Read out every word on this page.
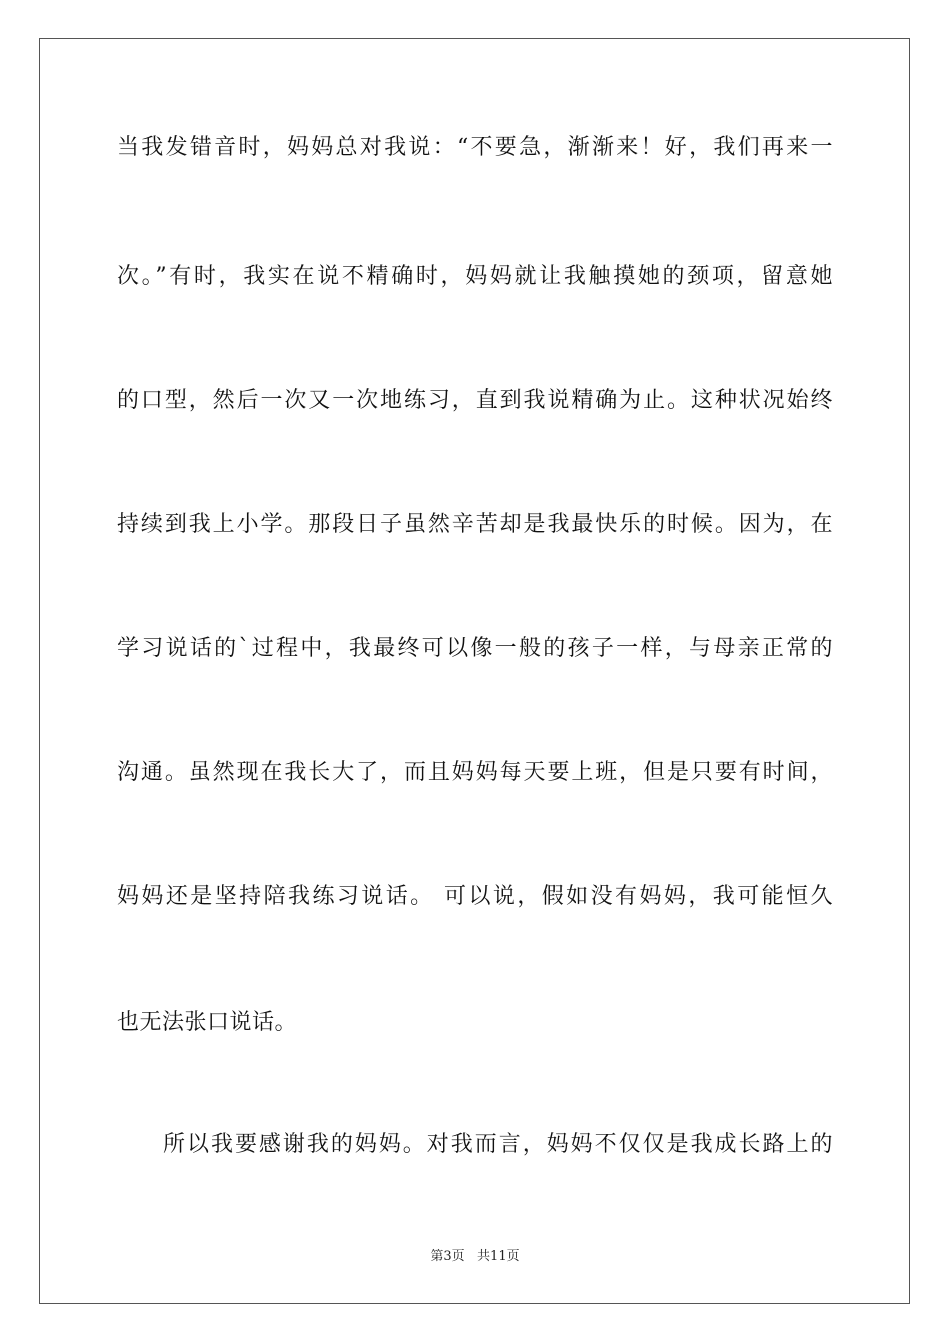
当我发错音时，妈妈总对我说：“不要急，渐渐来！好，我们再来一
次。”有时，我实在说不精确时，妈妈就让我触摸她的颈项，留意她
的口型，然后一次又一次地练习，直到我说精确为止。这种状况始终
持续到我上小学。那段日子虽然辛苦却是我最快乐的时候。因为，在
学习说话的`过程中，我最终可以像一般的孩子一样，与母亲正常的
沟通。虽然现在我长大了，而且妈妈每天要上班，但是只要有时间，
妈妈还是坚持陪我练习说话。 可以说，假如没有妈妈，我可能恒久
也无法张口说话。
所以我要感谢我的妈妈。对我而言，妈妈不仅仅是我成长路上的
第3页   共11页
